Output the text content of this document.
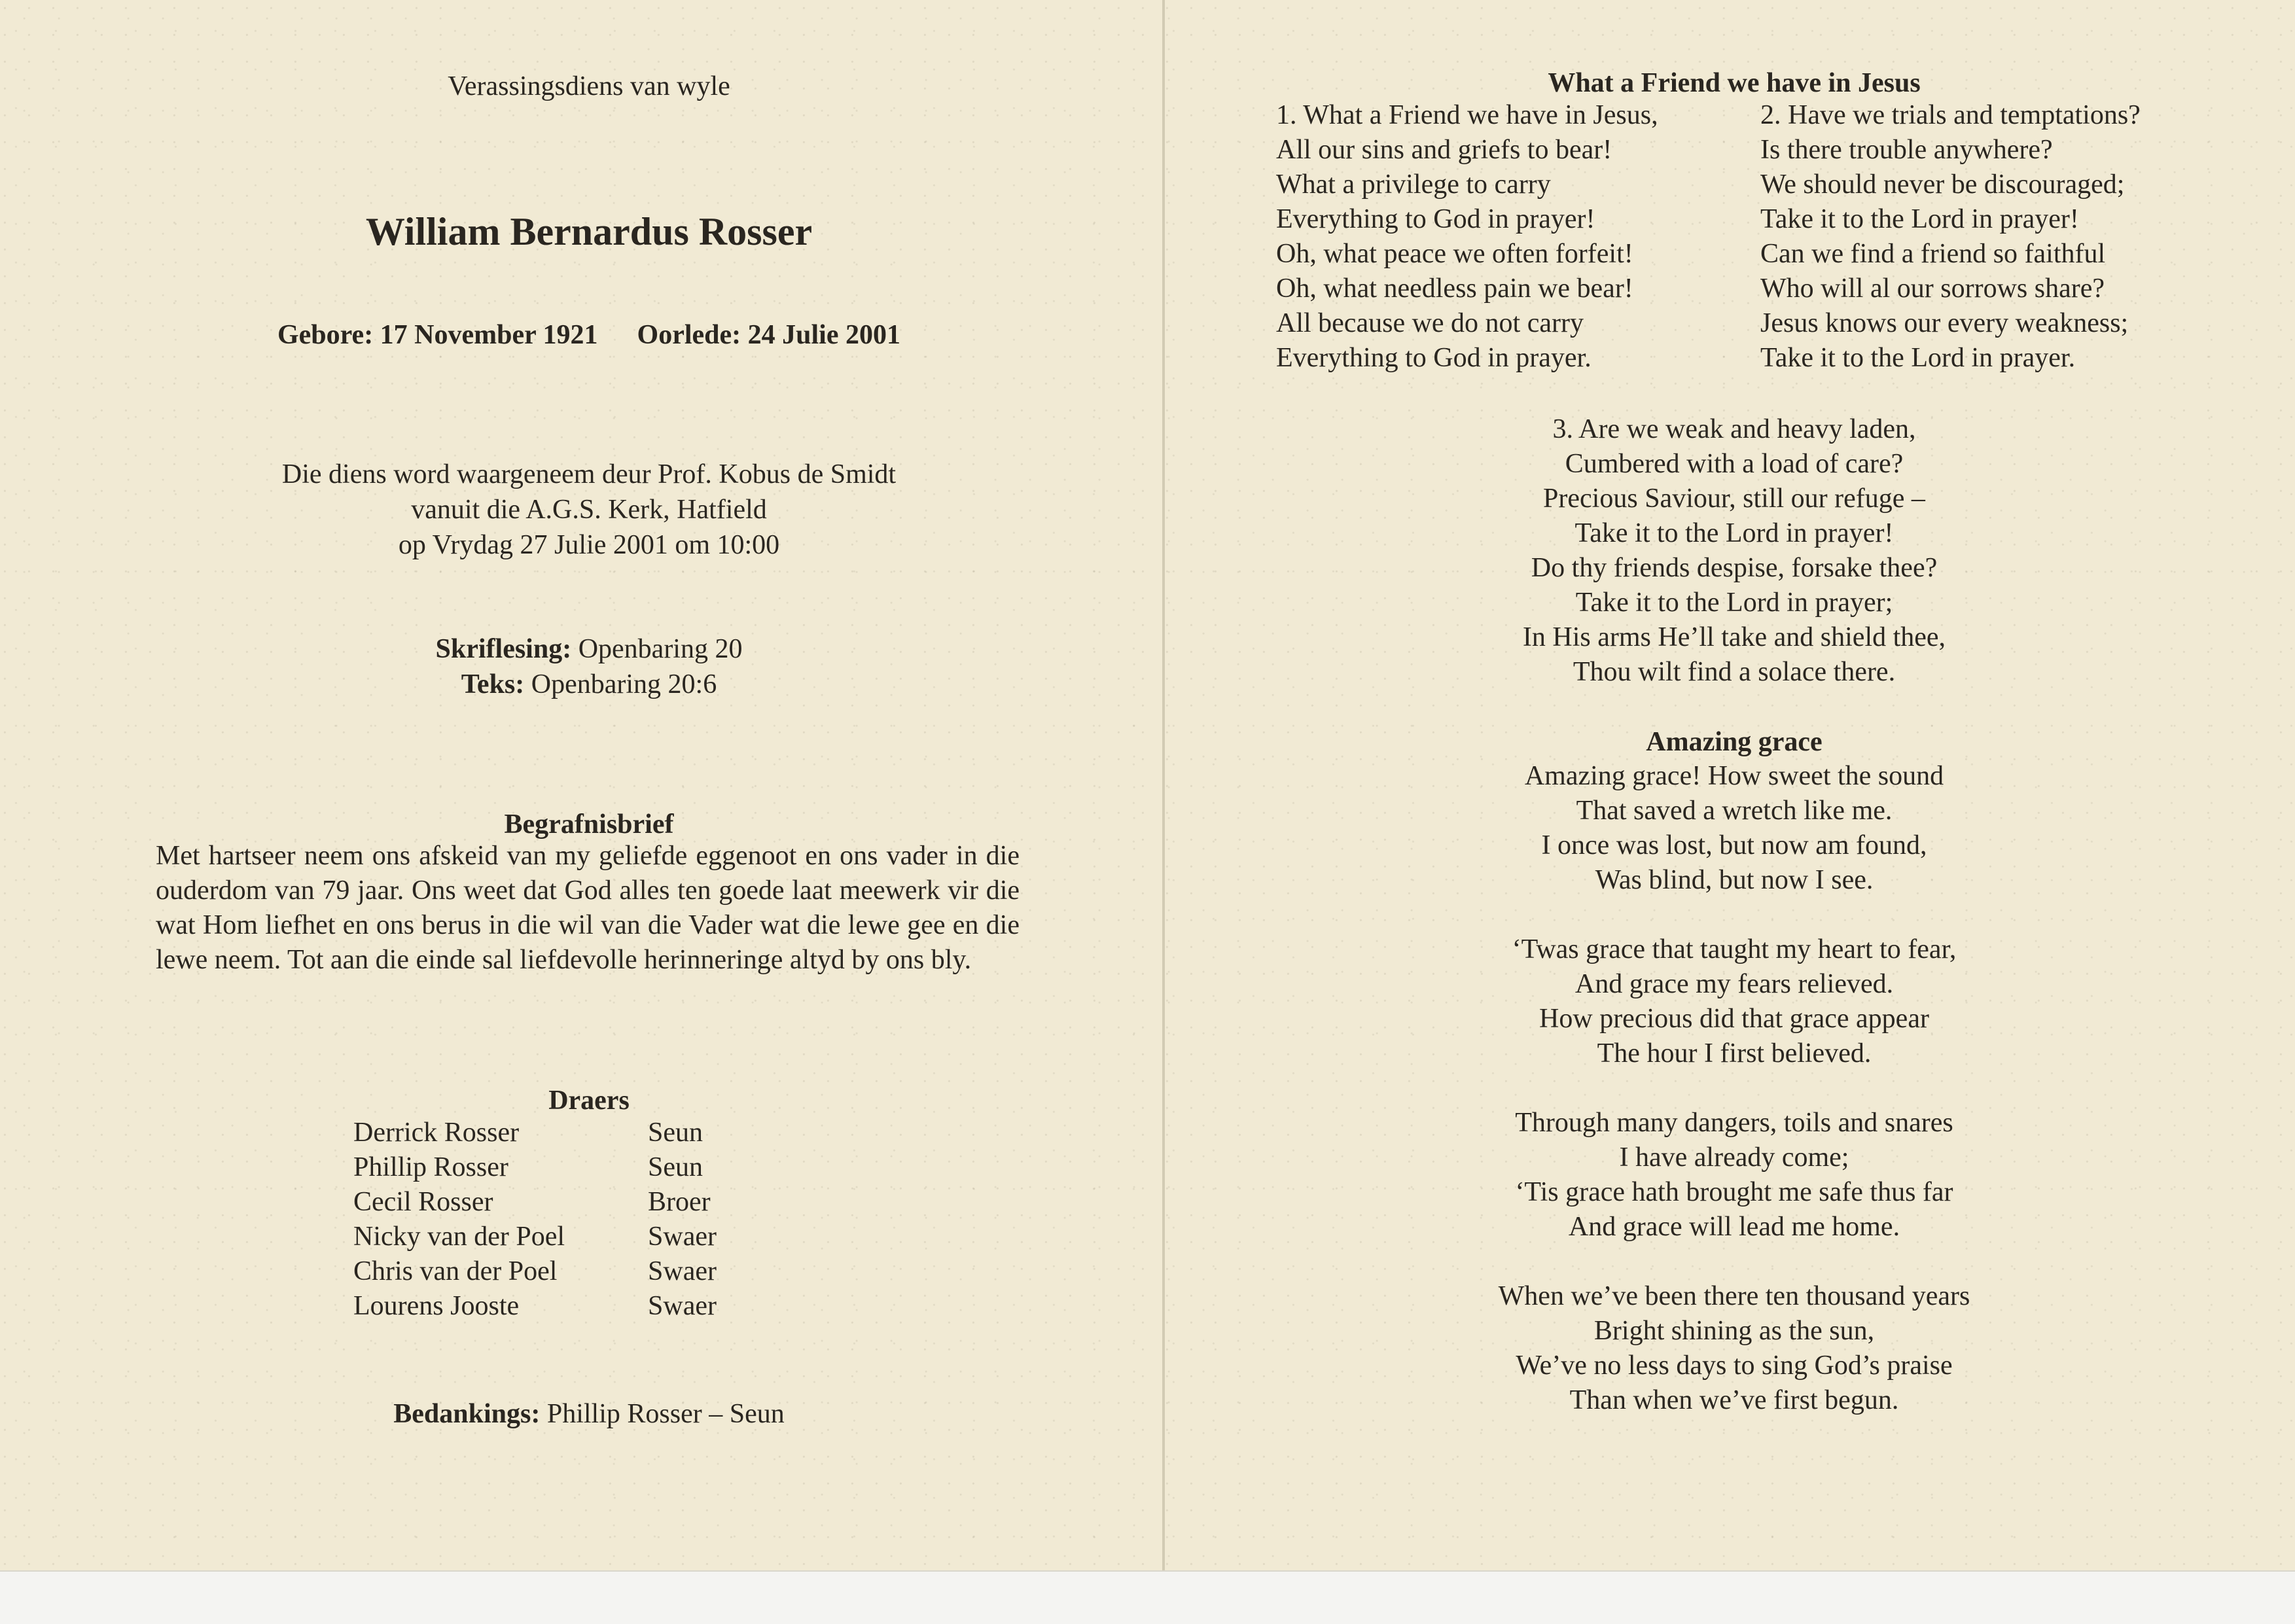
Verassingsdiens van wyle
William Bernardus Rosser
Gebore: 17 November 1921 Oorlede: 24 Julie 2001
Die diens word waargeneem deur Prof. Kobus de Smidt
vanuit die A.G.S. Kerk, Hatfield
op Vrydag 27 Julie 2001 om 10:00
Skriflesing: Openbaring 20
Teks: Openbaring 20:6
Begrafnisbrief
Met hartseer neem ons afskeid van my geliefde eggenoot en ons vader in die ouderdom van 79 jaar. Ons weet dat God alles ten goede laat meewerk vir die wat Hom liefhet en ons berus in die wil van die Vader wat die lewe gee en die lewe neem. Tot aan die einde sal liefdevolle herinneringe altyd by ons bly.
Draers
Derrick Rosser	Seun
Phillip Rosser	Seun
Cecil Rosser	Broer
Nicky van der Poel	Swaer
Chris van der Poel	Swaer
Lourens Jooste	Swaer
Bedankings: Phillip Rosser – Seun
What a Friend we have in Jesus
1. What a Friend we have in Jesus,
All our sins and griefs to bear!
What a privilege to carry
Everything to God in prayer!
Oh, what peace we often forfeit!
Oh, what needless pain we bear!
All because we do not carry
Everything to God in prayer.
2. Have we trials and temptations?
Is there trouble anywhere?
We should never be discouraged;
Take it to the Lord in prayer!
Can we find a friend so faithful
Who will al our sorrows share?
Jesus knows our every weakness;
Take it to the Lord in prayer.
3. Are we weak and heavy laden,
Cumbered with a load of care?
Precious Saviour, still our refuge –
Take it to the Lord in prayer!
Do thy friends despise, forsake thee?
Take it to the Lord in prayer;
In His arms He’ll take and shield thee,
Thou wilt find a solace there.
Amazing grace
Amazing grace! How sweet the sound
That saved a wretch like me.
I once was lost, but now am found,
Was blind, but now I see.
‘Twas grace that taught my heart to fear,
And grace my fears relieved.
How precious did that grace appear
The hour I first believed.
Through many dangers, toils and snares
I have already come;
‘Tis grace hath brought me safe thus far
And grace will lead me home.
When we’ve been there ten thousand years
Bright shining as the sun,
We’ve no less days to sing God’s praise
Than when we’ve first begun.
